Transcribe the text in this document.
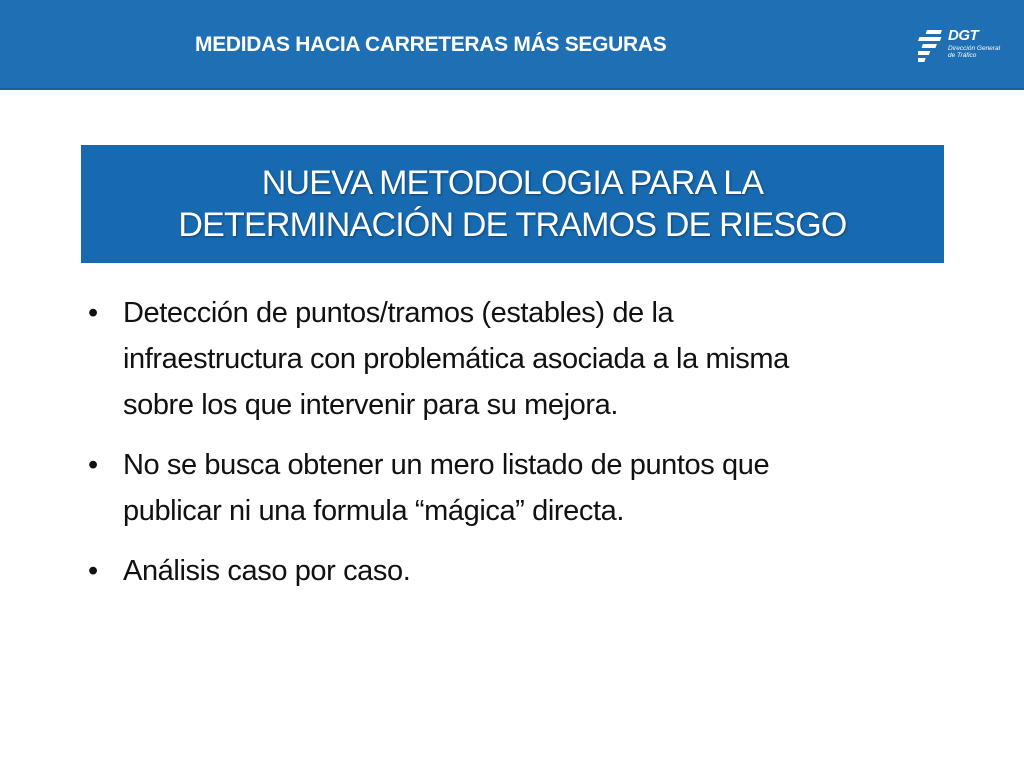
MEDIDAS HACIA CARRETERAS MÁS SEGURAS	DGT
Dirección General
de Tráfico
NUEVA METODOLOGIA PARA LA
DETERMINACIÓN DE TRAMOS DE RIESGO
• Detección de puntos/tramos (estables) de la
infraestructura con problemática asociada a la misma
sobre los que intervenir para su mejora.
• No se busca obtener un mero listado de puntos que
publicar ni una formula “mágica” directa.
• Análisis caso por caso.
